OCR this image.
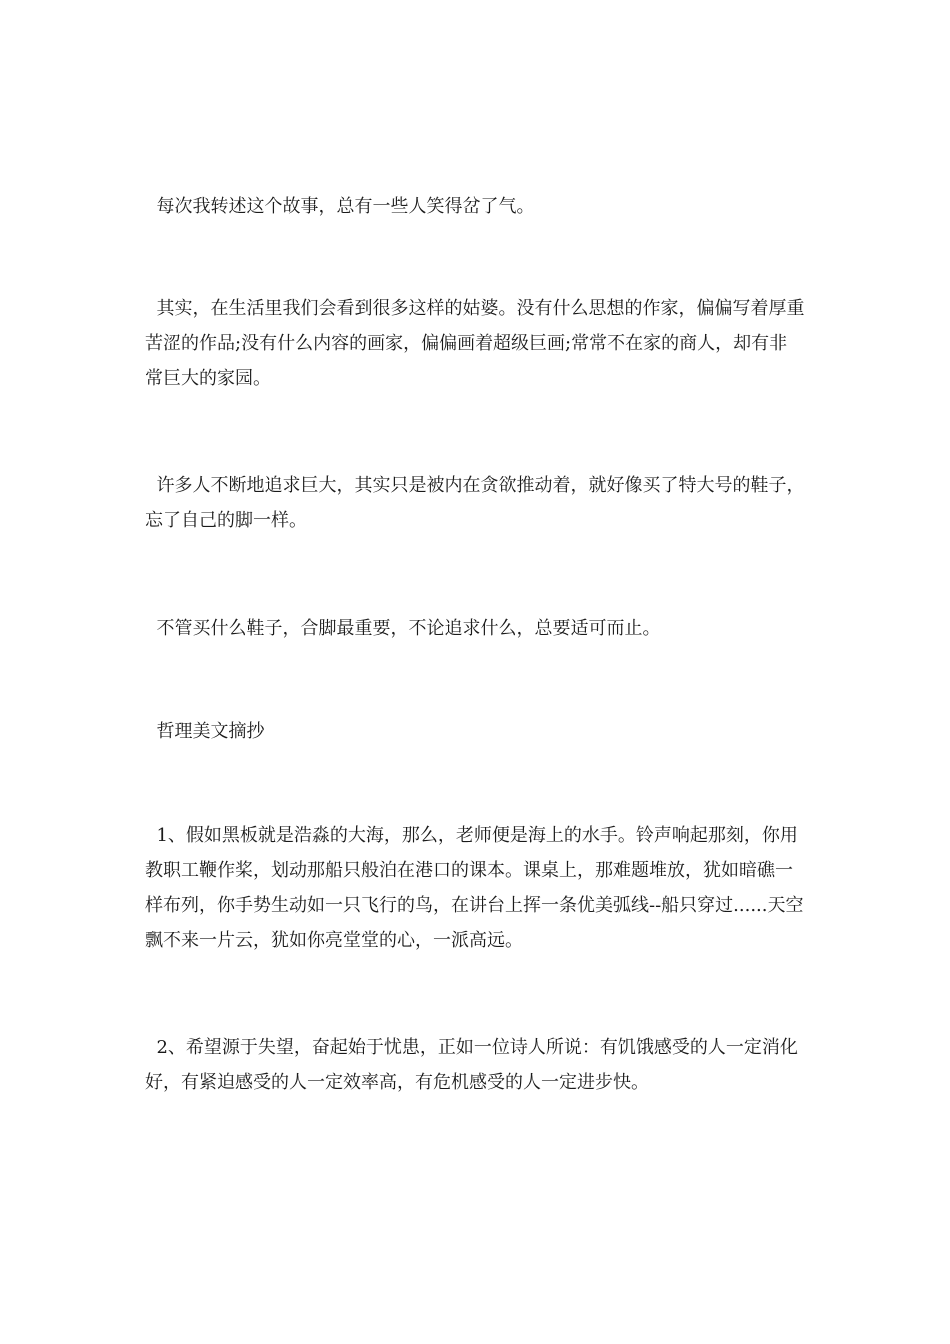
每次我转述这个故事，总有一些人笑得岔了气。

其实，在生活里我们会看到很多这样的姑婆。没有什么思想的作家，偏偏写着厚重苦涩的作品;没有什么内容的画家，偏偏画着超级巨画;常常不在家的商人，却有非常巨大的家园。

许多人不断地追求巨大，其实只是被内在贪欲推动着，就好像买了特大号的鞋子，忘了自己的脚一样。

不管买什么鞋子，合脚最重要，不论追求什么，总要适可而止。

哲理美文摘抄

1、假如黑板就是浩淼的大海，那么，老师便是海上的水手。铃声响起那刻，你用教职工鞭作桨，划动那船只般泊在港口的课本。课桌上，那难题堆放，犹如暗礁一样布列，你手势生动如一只飞行的鸟，在讲台上挥一条优美弧线--船只穿过......天空飘不来一片云，犹如你亮堂堂的心，一派高远。

2、希望源于失望，奋起始于忧患，正如一位诗人所说：有饥饿感受的人一定消化好，有紧迫感受的人一定效率高，有危机感受的人一定进步快。
